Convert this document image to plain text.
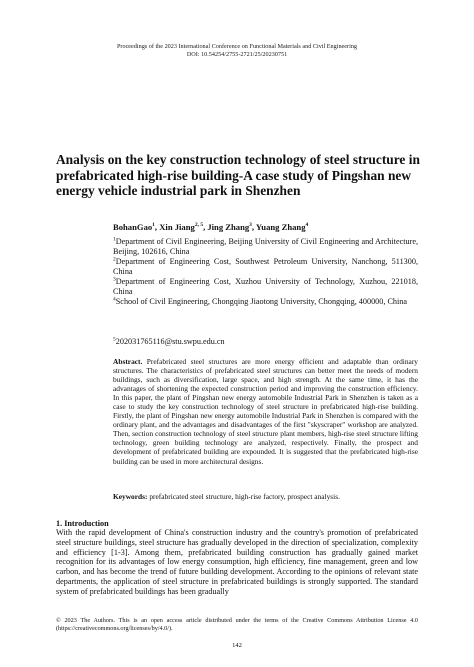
Proceedings of the 2023 International Conference on Functional Materials and Civil Engineering
DOI: 10.54254/2755-2721/25/20230751
Analysis on the key construction technology of steel structure in prefabricated high-rise building-A case study of Pingshan new energy vehicle industrial park in Shenzhen
BohanGao$^1$, Xin Jiang$^{2, 5}$, Jing Zhang$^3$, Yuang Zhang$^4$
$^1$Department of Civil Engineering, Beijing University of Civil Engineering and Architecture, Beijing, 102616, China
$^2$Department of Engineering Cost, Southwest Petroleum University, Nanchong, 511300, China
$^3$Department of Engineering Cost, Xuzhou University of Technology, Xuzhou, 221018, China
$^4$School of Civil Engineering, Chongqing Jiaotong University, Chongqing, 400000, China
$^5$202031765116@stu.swpu.edu.cn
Abstract. Prefabricated steel structures are more energy efficient and adaptable than ordinary structures. The characteristics of prefabricated steel structures can better meet the needs of modern buildings, such as diversification, large space, and high strength. At the same time, it has the advantages of shortening the expected construction period and improving the construction efficiency. In this paper, the plant of Pingshan new energy automobile Industrial Park in Shenzhen is taken as a case to study the key construction technology of steel structure in prefabricated high-rise building. Firstly, the plant of Pingshan new energy automobile Industrial Park in Shenzhen is compared with the ordinary plant, and the advantages and disadvantages of the first "skyscraper" workshop are analyzed. Then, section construction technology of steel structure plant members, high-rise steel structure lifting technology, green building technology are analyzed, respectively. Finally, the prospect and development of prefabricated building are expounded. It is suggested that the prefabricated high-rise building can be used in more architectural designs.
Keywords: prefabricated steel structure, high-rise factory, prospect analysis.
1. Introduction
With the rapid development of China's construction industry and the country's promotion of prefabricated steel structure buildings, steel structure has gradually developed in the direction of specialization, complexity and efficiency [1-3]. Among them, prefabricated building construction has gradually gained market recognition for its advantages of low energy consumption, high efficiency, fine management, green and low carbon, and has become the trend of future building development. According to the opinions of relevant state departments, the application of steel structure in prefabricated buildings is strongly supported. The standard system of prefabricated buildings has been gradually
© 2023 The Authors. This is an open access article distributed under the terms of the Creative Commons Attribution License 4.0 (https://creativecommons.org/licenses/by/4.0/).
142
